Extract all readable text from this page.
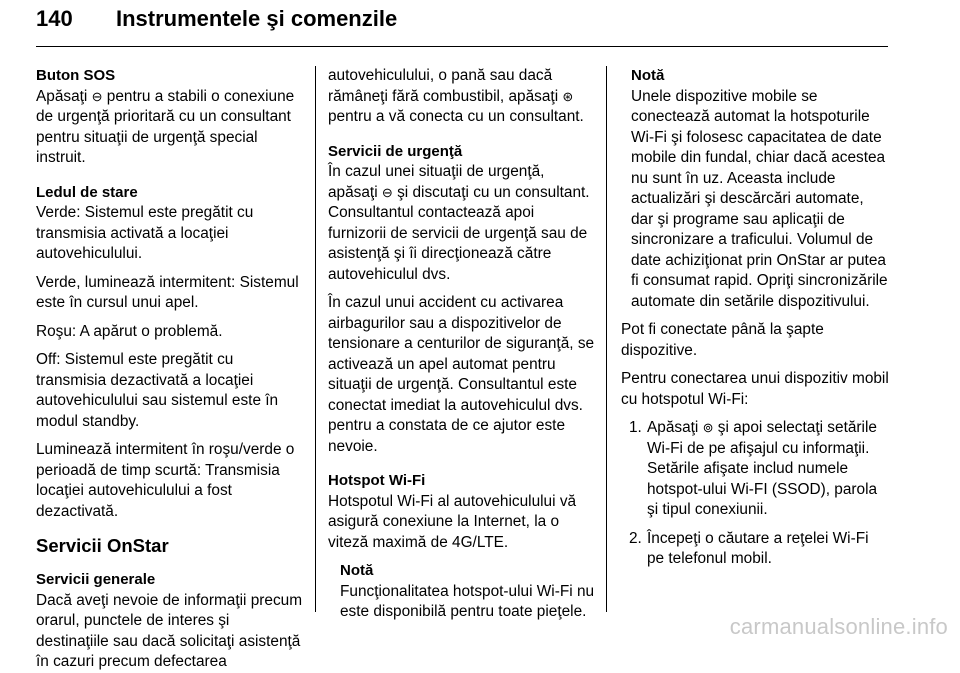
140 Instrumentele şi comenzile

Buton SOS
Apăsaţi ⊖ pentru a stabili o conexiune de urgenţă prioritară cu un consultant pentru situaţii de urgenţă special instruit.

Ledul de stare
Verde: Sistemul este pregătit cu transmisia activată a locaţiei autovehiculului.

Verde, luminează intermitent: Sistemul este în cursul unui apel.

Roşu: A apărut o problemă.

Off: Sistemul este pregătit cu transmisia dezactivată a locaţiei autovehiculului sau sistemul este în modul standby.

Luminează intermitent în roşu/verde o perioadă de timp scurtă: Transmisia locaţiei autovehiculului a fost dezactivată.

Servicii OnStar

Servicii generale
Dacă aveţi nevoie de informaţii precum orarul, punctele de interes şi destinaţiile sau dacă solicitaţi asistenţă în cazuri precum defectarea

autovehiculului, o pană sau dacă rămâneţi fără combustibil, apăsaţi ⊛ pentru a vă conecta cu un consultant.

Servicii de urgenţă
În cazul unei situaţii de urgenţă, apăsaţi ⊖ şi discutaţi cu un consultant. Consultantul contactează apoi furnizorii de servicii de urgenţă sau de asistenţă şi îi direcţionează către autovehiculul dvs.

În cazul unui accident cu activarea airbagurilor sau a dispozitivelor de tensionare a centurilor de siguranţă, se activează un apel automat pentru situaţii de urgenţă. Consultantul este conectat imediat la autovehiculul dvs. pentru a constata de ce ajutor este nevoie.

Hotspot Wi-Fi
Hotspotul Wi-Fi al autovehiculului vă asigură conexiune la Internet, la o viteză maximă de 4G/LTE.

Notă
Funcţionalitatea hotspot-ului Wi-Fi nu este disponibilă pentru toate pieţele.
Notă
Unele dispozitive mobile se conectează automat la hotspoturile Wi-Fi şi folosesc capacitatea de date mobile din fundal, chiar dacă acestea nu sunt în uz. Aceasta include actualizări şi descărcări automate, dar şi programe sau aplicaţii de sincronizare a traficului. Volumul de date achiziţionat prin OnStar ar putea fi consumat rapid. Opriţi sincronizările automate din setările dispozitivului.

Pot fi conectate până la şapte dispozitive.

Pentru conectarea unui dispozitiv mobil cu hotspotul Wi-Fi:

1. Apăsaţi ⊚ şi apoi selectaţi setările Wi-Fi de pe afişajul cu informaţii. Setările afişate includ numele hotspot-ului Wi-FI (SSOD), parola şi tipul conexiunii.
2. Începeţi o căutare a reţelei Wi-Fi pe telefonul mobil.
carmanualsonline.info
